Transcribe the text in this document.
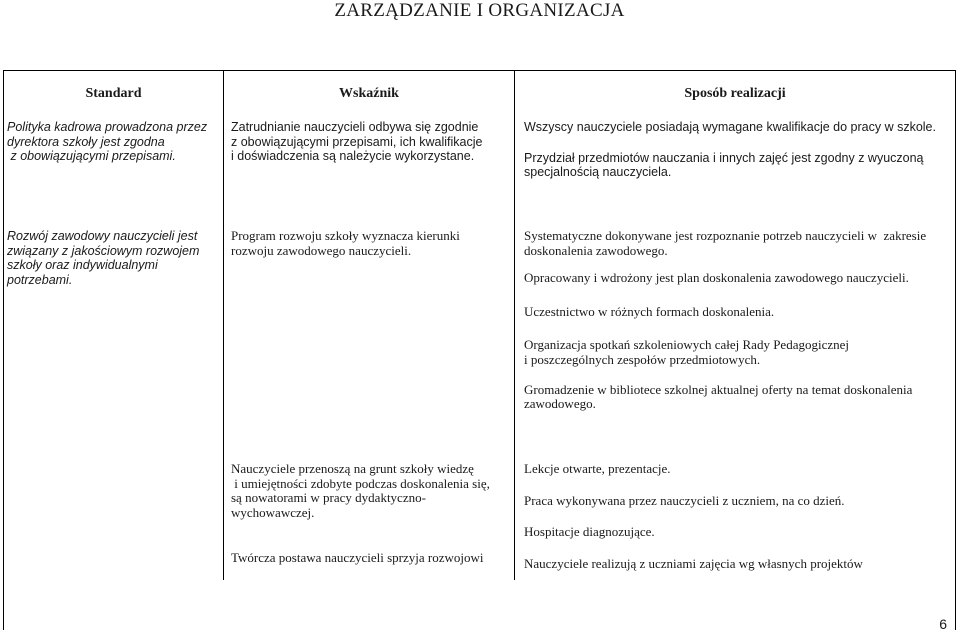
ZARZĄDZANIE I ORGANIZACJA
Standard	Wskaźnik	Sposób realizacji
Polityka kadrowa prowadzona przez
dyrektora szkoły jest zgodna
z obowiązującymi przepisami.
Zatrudnianie nauczycieli odbywa się zgodnie
z obowiązującymi przepisami, ich kwalifikacje
i doświadczenia są należycie wykorzystane.
Wszyscy nauczyciele posiadają wymagane kwalifikacje do pracy w szkole.
Przydział przedmiotów nauczania i innych zajęć jest zgodny z wyuczoną
specjalnością nauczyciela.
Rozwój zawodowy nauczycieli jest
związany z jakościowym rozwojem
szkoły oraz indywidualnymi
potrzebami.
Program rozwoju szkoły wyznacza kierunki
rozwoju zawodowego nauczycieli.
Systematyczne dokonywane jest rozpoznanie potrzeb nauczycieli w  zakresie
doskonalenia zawodowego.
Opracowany i wdrożony jest plan doskonalenia zawodowego nauczycieli.
Uczestnictwo w różnych formach doskonalenia.
Organizacja spotkań szkoleniowych całej Rady Pedagogicznej
i poszczególnych zespołów przedmiotowych.
Gromadzenie w bibliotece szkolnej aktualnej oferty na temat doskonalenia
zawodowego.
Nauczyciele przenoszą na grunt szkoły wiedzę
i umiejętności zdobyte podczas doskonalenia się,
są nowatorami w pracy dydaktyczno-
wychowawczej.
Twórcza postawa nauczycieli sprzyja rozwojowi
Lekcje otwarte, prezentacje.
Praca wykonywana przez nauczycieli z uczniem, na co dzień.
Hospitacje diagnozujące.
Nauczyciele realizują z uczniami zajęcia wg własnych projektów
6
